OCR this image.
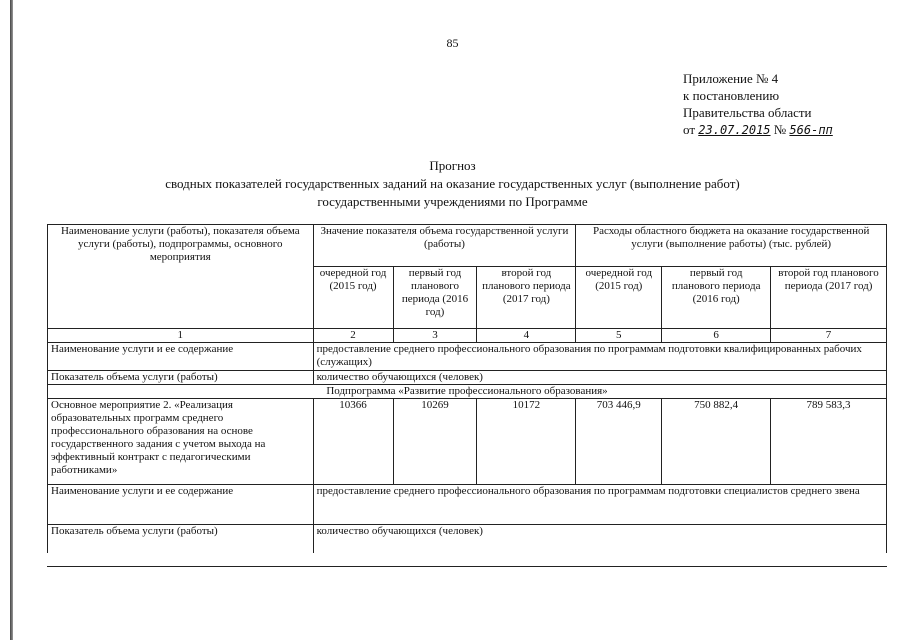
85
Приложение № 4
к постановлению
Правительства области
от 23.07.2015 № 566-пп
Прогноз
сводных показателей государственных заданий на оказание государственных услуг (выполнение работ)
государственными учреждениями по Программе
Наименование услуги (работы), показателя объема услуги (работы), подпрограммы, основного мероприятия	Значение показателя объема государственной услуги (работы)			Расходы областного бюджета на оказание государственной услуги (выполнение работы) (тыс. рублей)		
	очередной год (2015 год)	первый год планового периода (2016 год)	второй год планового периода (2017 год)	очередной год (2015 год)	первый год планового периода (2016 год)	второй год планового периода (2017 год)
1	2	3	4	5	6	7
Наименование услуги и ее содержание	предоставление среднего профессионального образования по программам подготовки квалифицированных рабочих (служащих)					
Показатель объема услуги (работы)	количество обучающихся (человек)					
Подпрограмма «Развитие профессионального образования»						
Основное мероприятие 2. «Реализация образовательных программ среднего профессионального образования на основе государственного задания с учетом выхода на эффективный контракт с педагогическими работниками»	10366	10269	10172	703 446,9	750 882,4	789 583,3
Наименование услуги и ее содержание	предоставление среднего профессионального образования по программам подготовки специалистов среднего звена					
Показатель объема услуги (работы)	количество обучающихся (человек)					
